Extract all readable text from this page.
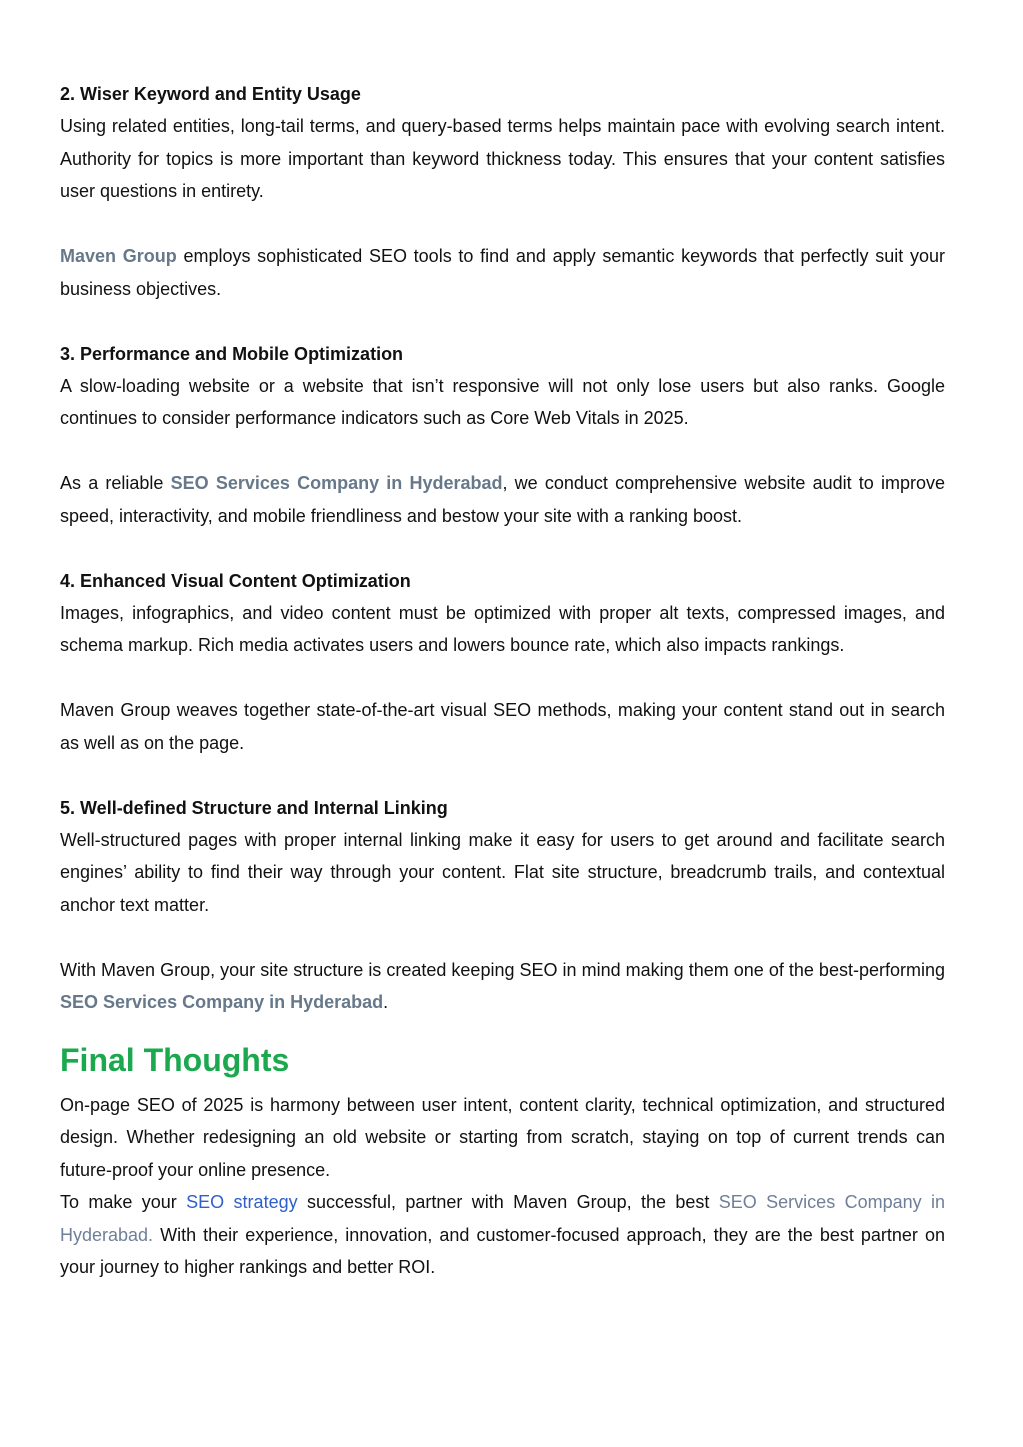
2. Wiser Keyword and Entity Usage

Using related entities, long-tail terms, and query-based terms helps maintain pace with evolving search intent. Authority for topics is more important than keyword thickness today. This ensures that your content satisfies user questions in entirety.

Maven Group employs sophisticated SEO tools to find and apply semantic keywords that perfectly suit your business objectives.

3. Performance and Mobile Optimization

A slow-loading website or a website that isn’t responsive will not only lose users but also ranks. Google continues to consider performance indicators such as Core Web Vitals in 2025.

As a reliable SEO Services Company in Hyderabad, we conduct comprehensive website audit to improve speed, interactivity, and mobile friendliness and bestow your site with a ranking boost.

4. Enhanced Visual Content Optimization

Images, infographics, and video content must be optimized with proper alt texts, compressed images, and schema markup. Rich media activates users and lowers bounce rate, which also impacts rankings.

Maven Group weaves together state-of-the-art visual SEO methods, making your content stand out in search as well as on the page.

5. Well-defined Structure and Internal Linking

Well-structured pages with proper internal linking make it easy for users to get around and facilitate search engines’ ability to find their way through your content. Flat site structure, breadcrumb trails, and contextual anchor text matter.

With Maven Group, your site structure is created keeping SEO in mind making them one of the best-performing SEO Services Company in Hyderabad.

Final Thoughts

On-page SEO of 2025 is harmony between user intent, content clarity, technical optimization, and structured design. Whether redesigning an old website or starting from scratch, staying on top of current trends can future-proof your online presence.

To make your SEO strategy successful, partner with Maven Group, the best SEO Services Company in Hyderabad. With their experience, innovation, and customer-focused approach, they are the best partner on your journey to higher rankings and better ROI.
